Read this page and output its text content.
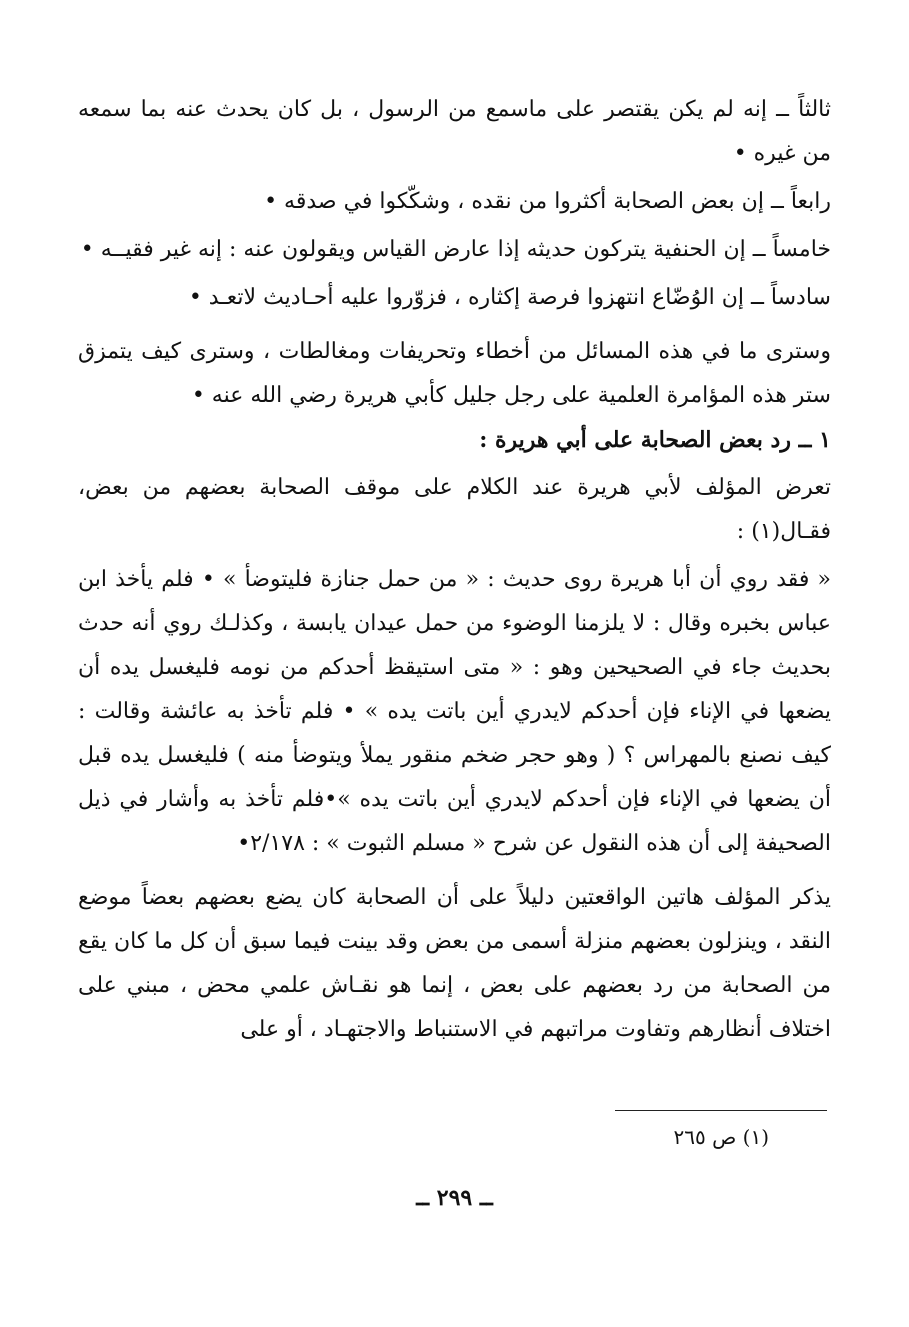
ثالثاً ــ إنه لم يكن يقتصر على ماسمع من الرسول ، بل كان يحدث عنه بما سمعه من غيره •

رابعاً ــ إن بعض الصحابة أكثروا من نقده ، وشكّكوا في صدقه •

خامساً ــ إن الحنفية يتركون حديثه إذا عارض القياس ويقولون عنه : إنه غير فقيــه •

سادساً ــ إن الوُضّاع انتهزوا فرصة إكثاره ، فزوّروا عليه أحـاديث لاتعـد •

وسترى ما في هذه المسائل من أخطاء وتحريفات ومغالطات ، وسترى كيف يتمزق ستر هذه المؤامرة العلمية على رجل جليل كأبي هريرة رضي الله عنه •

١ ــ رد بعض الصحابة على أبي هريرة :

تعرض المؤلف لأبي هريرة عند الكلام على موقف الصحابة بعضهم من بعض، فقـال(١) :

« فقد روي أن أبا هريرة روى حديث : « من حمل جنازة فليتوضأ » • فلم يأخذ ابن عباس بخبره وقال : لا يلزمنا الوضوء من حمل عيدان يابسة ، وكذلـك روي أنه حدث بحديث جاء في الصحيحين وهو : « متى استيقظ أحدكم من نومه فليغسل يده أن يضعها في الإناء فإن أحدكم لايدري أين باتت يده » • فلم تأخذ به عائشة وقالت : كيف نصنع بالمهراس ؟ ( وهو حجر ضخم منقور يملأ ويتوضأ منه ) فليغسل يده قبل أن يضعها في الإناء فإن أحدكم لايدري أين باتت يده »•فلم تأخذ به وأشار في ذيل الصحيفة إلى أن هذه النقول عن شرح « مسلم الثبوت » : ٢/١٧٨•

يذكر المؤلف هاتين الواقعتين دليلاً على أن الصحابة كان يضع بعضهم بعضاً موضع النقد ، وينزلون بعضهم منزلة أسمى من بعض وقد بينت فيما سبق أن كل ما كان يقع من الصحابة من رد بعضهم على بعض ، إنما هو نقـاش علمي محض ، مبني على اختلاف أنظارهم وتفاوت مراتبهم في الاستنباط والاجتهـاد ، أو على

(١) ص ٢٦٥
ــ ٢٩٩ ــ
